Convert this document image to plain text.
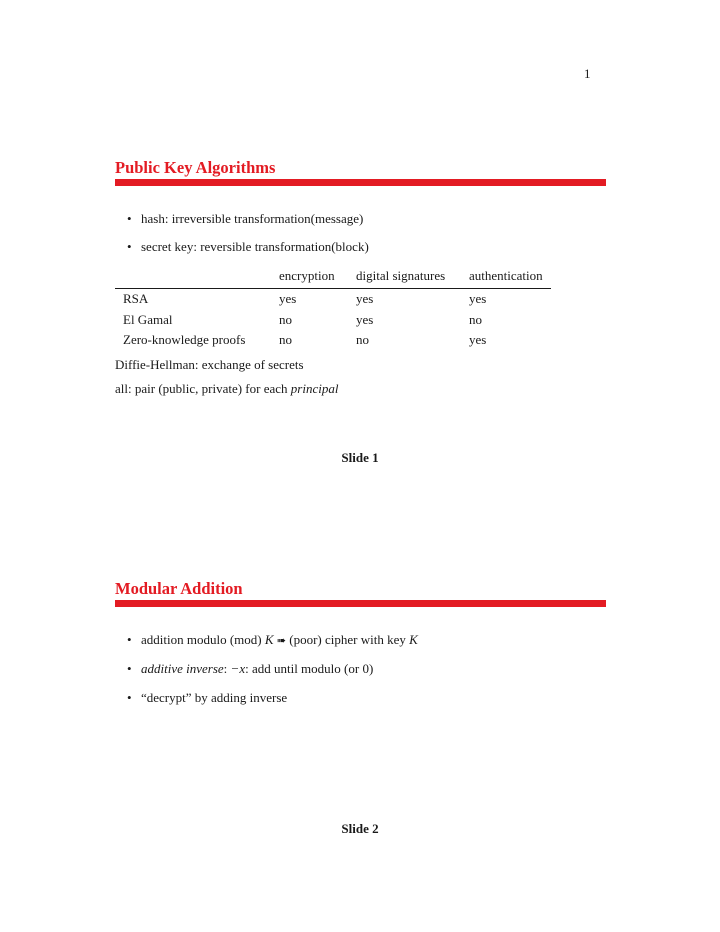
1
Public Key Algorithms
• hash: irreversible transformation(message)
• secret key: reversible transformation(block)
	encryption	digital signatures	authentication
RSA	yes	yes	yes
El Gamal	no	yes	no
Zero-knowledge proofs	no	no	yes
Diffie-Hellman: exchange of secrets
all: pair (public, private) for each principal
Slide 1
Modular Addition
• addition modulo (mod) K ➠ (poor) cipher with key K
• additive inverse: −x: add until modulo (or 0)
• “decrypt” by adding inverse
Slide 2
